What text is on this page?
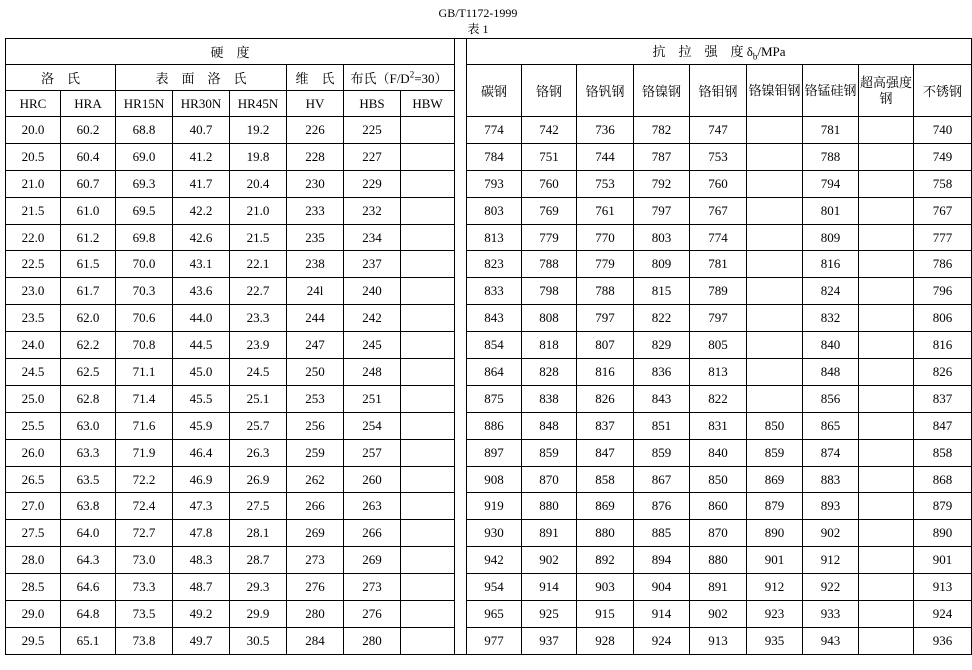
GB/T1172-1999
表 1
硬　度									抗　拉　强　度 $\delta_b$/MPa								
洛　氏		表　面　洛　氏			维　氏	布氏$(F/D^2=30)$			碳钢	铬钢	铬钒钢	铬镍钢	铬钼钢	铬镍钼钢	铬锰硅钢	超高强度钢	不锈钢
HRC	HRA	HR15N	HR30N	HR45N	HV	HBS	HBW										
20.0	60.2	68.8	40.7	19.2	226	225			774	742	736	782	747		781		740
20.5	60.4	69.0	41.2	19.8	228	227			784	751	744	787	753		788		749
21.0	60.7	69.3	41.7	20.4	230	229			793	760	753	792	760		794		758
21.5	61.0	69.5	42.2	21.0	233	232			803	769	761	797	767		801		767
22.0	61.2	69.8	42.6	21.5	235	234			813	779	770	803	774		809		777
22.5	61.5	70.0	43.1	22.1	238	237			823	788	779	809	781		816		786
23.0	61.7	70.3	43.6	22.7	24l	240			833	798	788	815	789		824		796
23.5	62.0	70.6	44.0	23.3	244	242			843	808	797	822	797		832		806
24.0	62.2	70.8	44.5	23.9	247	245			854	818	807	829	805		840		816
24.5	62.5	71.1	45.0	24.5	250	248			864	828	816	836	813		848		826
25.0	62.8	71.4	45.5	25.1	253	251			875	838	826	843	822		856		837
25.5	63.0	71.6	45.9	25.7	256	254			886	848	837	851	831	850	865		847
26.0	63.3	71.9	46.4	26.3	259	257			897	859	847	859	840	859	874		858
26.5	63.5	72.2	46.9	26.9	262	260			908	870	858	867	850	869	883		868
27.0	63.8	72.4	47.3	27.5	266	263			919	880	869	876	860	879	893		879
27.5	64.0	72.7	47.8	28.1	269	266			930	891	880	885	870	890	902		890
28.0	64.3	73.0	48.3	28.7	273	269			942	902	892	894	880	901	912		901
28.5	64.6	73.3	48.7	29.3	276	273			954	914	903	904	891	912	922		913
29.0	64.8	73.5	49.2	29.9	280	276			965	925	915	914	902	923	933		924
29.5	65.1	73.8	49.7	30.5	284	280			977	937	928	924	913	935	943		936
